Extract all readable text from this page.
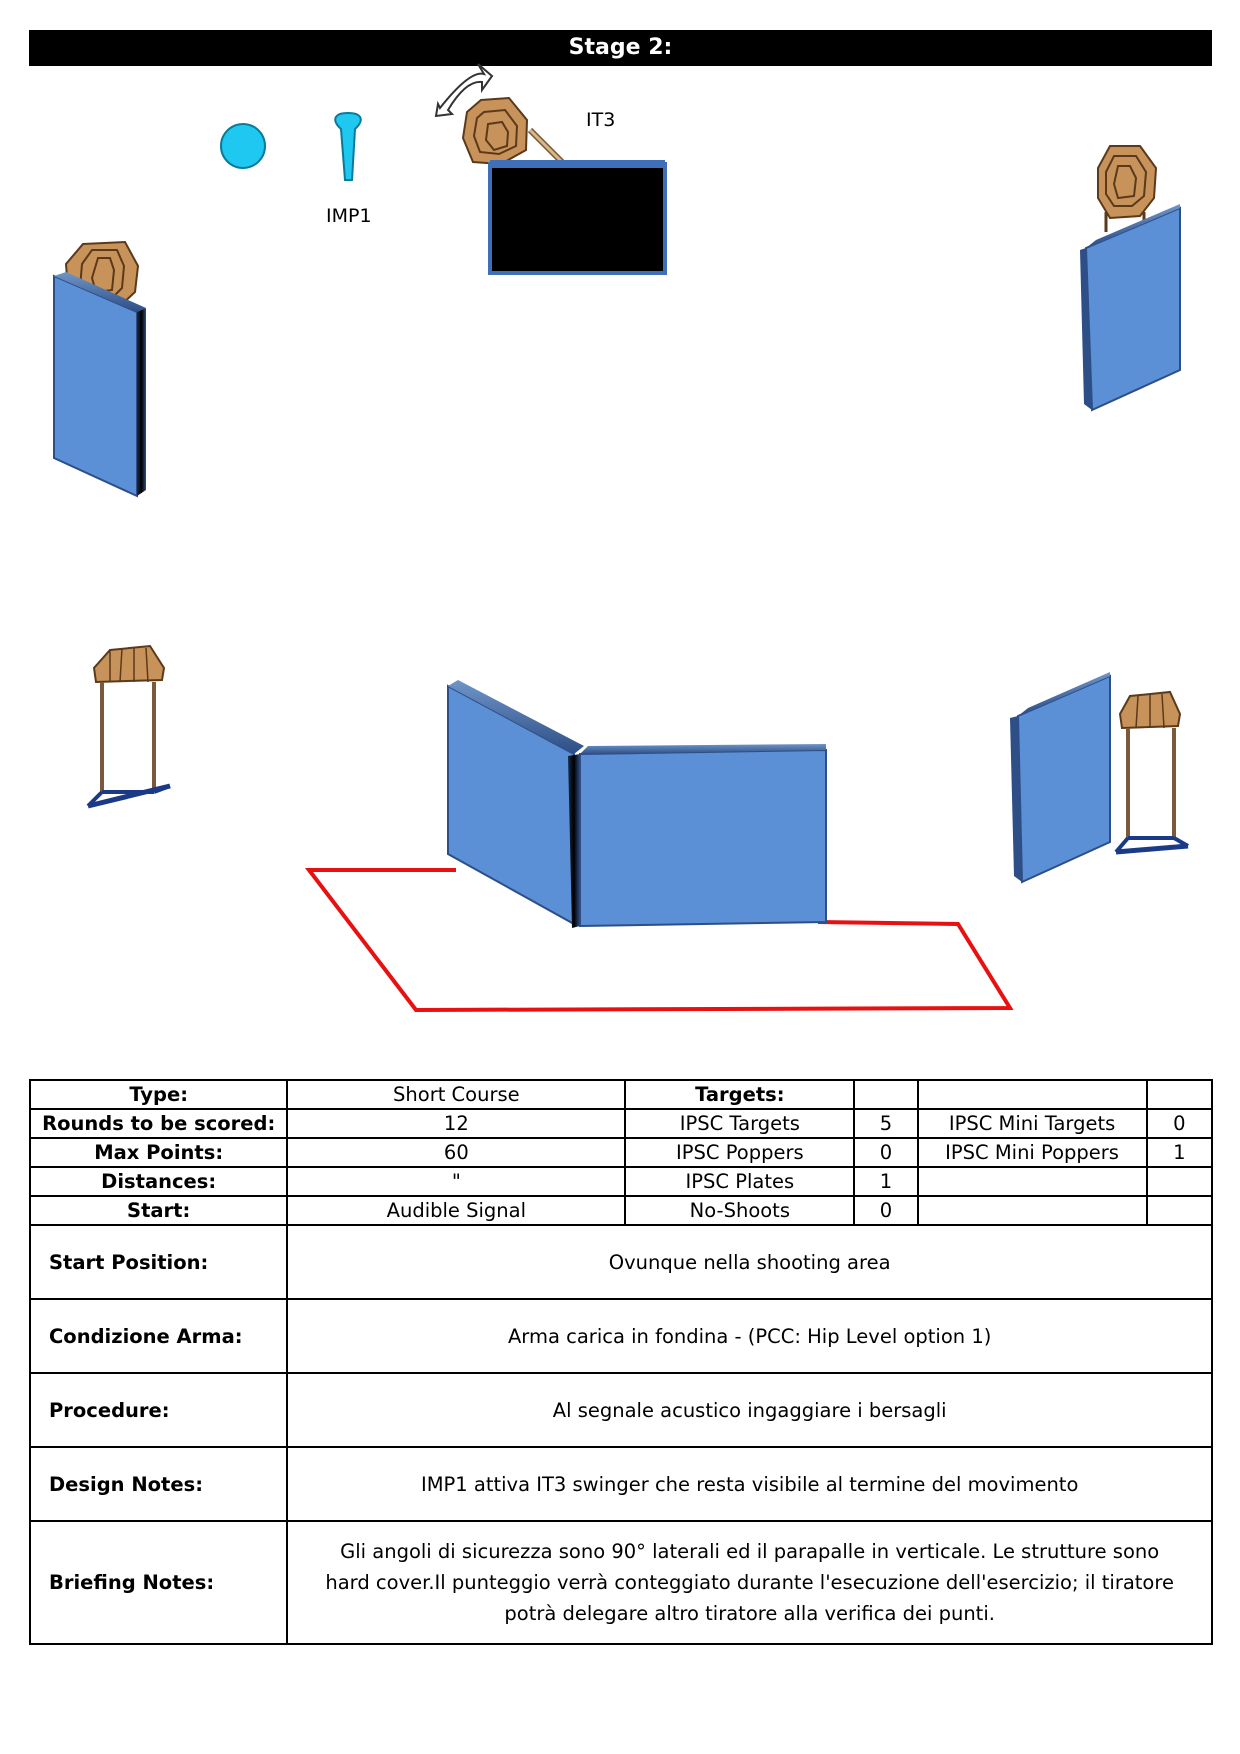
Stage 2:
IMP1
IT3
Type:	Short Course	Targets:			
Rounds to be scored:	12	IPSC Targets	5	IPSC Mini Targets	0
Max Points:	60	IPSC Poppers	0	IPSC Mini Poppers	1
Distances:	"	IPSC Plates	1		
Start:	Audible Signal	No-Shoots	0		
Start Position:	Ovunque nella shooting area				
Condizione Arma:	Arma carica in fondina - (PCC: Hip Level option 1)				
Procedure:	Al segnale acustico ingaggiare i bersagli				
Design Notes:	IMP1 attiva IT3 swinger che resta visibile al termine del movimento				
Briefing Notes:	Gli angoli di sicurezza sono 90° laterali ed il parapalle in verticale. Le strutture sono hard cover.Il punteggio verrà conteggiato durante l'esecuzione dell'esercizio; il tiratore potrà delegare altro tiratore alla verifica dei punti.				
